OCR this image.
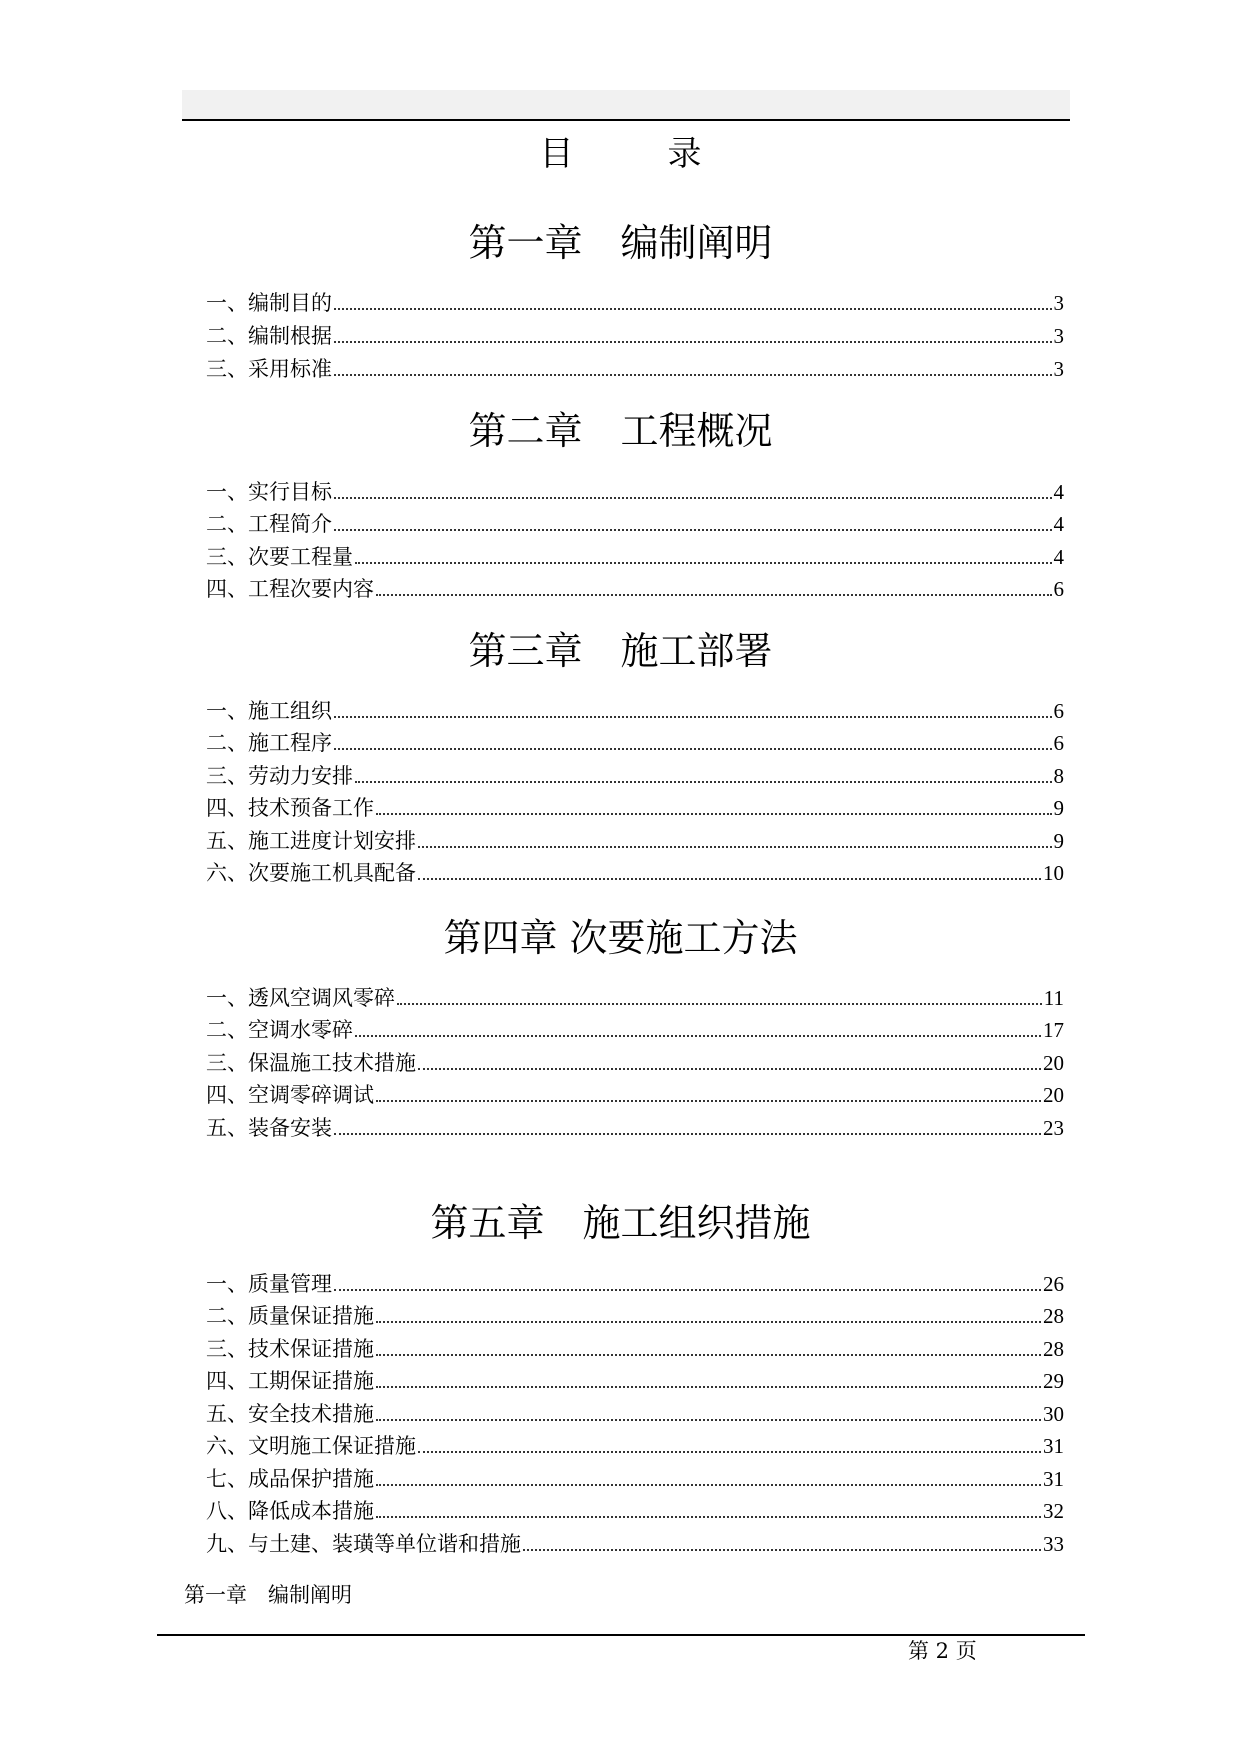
目　录
第一章　编制阐明
一、编制目的	3
二、编制根据	3
三、采用标准	3
第二章　工程概况
一、实行目标	4
二、工程简介	4
三、次要工程量	4
四、工程次要内容	6
第三章　施工部署
一、施工组织	6
二、施工程序	6
三、劳动力安排	8
四、技术预备工作	9
五、施工进度计划安排	9
六、次要施工机具配备	10
第四章 次要施工方法
一、透风空调风零碎	11
二、空调水零碎	17
三、保温施工技术措施	20
四、空调零碎调试	20
五、装备安装	23
第五章　施工组织措施
一、质量管理	26
二、质量保证措施	28
三、技术保证措施	28
四、工期保证措施	29
五、安全技术措施	30
六、文明施工保证措施	31
七、成品保护措施	31
八、降低成本措施	32
九、与土建、装璜等单位谐和措施	33
第一章　编制阐明
第 2 页
